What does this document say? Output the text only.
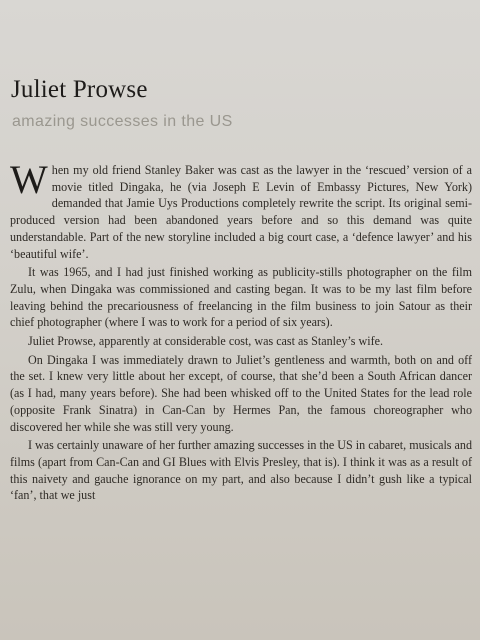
Juliet Prowse
amazing successes in the US

When my old friend Stanley Baker was cast as the lawyer in the ‘rescued’ version of a movie titled Dingaka, he (via Joseph E Levin of Embassy Pictures, New York) demanded that Jamie Uys Productions completely rewrite the script. Its original semi-produced version had been abandoned years before and so this demand was quite understandable. Part of the new storyline included a big court case, a ‘defence lawyer’ and his ‘beautiful wife’.

It was 1965, and I had just finished working as publicity-stills photographer on the film Zulu, when Dingaka was commissioned and casting began. It was to be my last film before leaving behind the precariousness of freelancing in the film business to join Satour as their chief photographer (where I was to work for a period of six years).

Juliet Prowse, apparently at considerable cost, was cast as Stanley’s wife.

On Dingaka I was immediately drawn to Juliet’s gentleness and warmth, both on and off the set. I knew very little about her except, of course, that she’d been a South African dancer (as I had, many years before). She had been whisked off to the United States for the lead role (opposite Frank Sinatra) in Can-Can by Hermes Pan, the famous choreographer who discovered her while she was still very young.

I was certainly unaware of her further amazing successes in the US in cabaret, musicals and films (apart from Can-Can and GI Blues with Elvis Presley, that is). I think it was as a result of this naivety and gauche ignorance on my part, and also because I didn’t gush like a typical ‘fan’, that we just
